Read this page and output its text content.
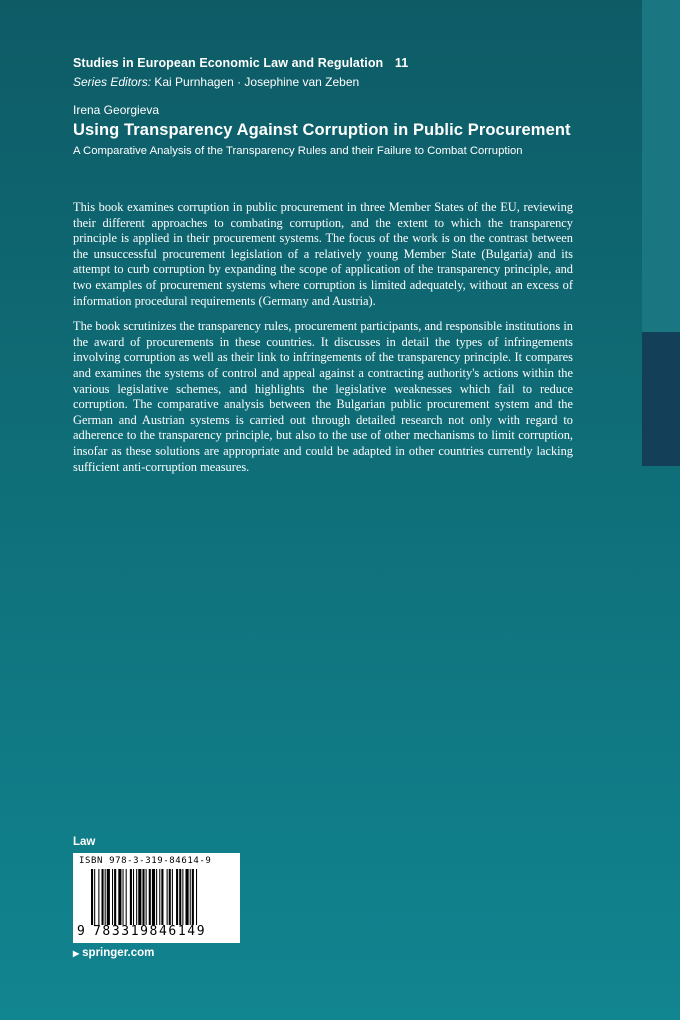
Studies in European Economic Law and Regulation 11
Series Editors: Kai Purnhagen · Josephine van Zeben
Irena Georgieva
Using Transparency Against Corruption in Public Procurement
A Comparative Analysis of the Transparency Rules and their Failure to Combat Corruption

This book examines corruption in public procurement in three Member States of the EU, reviewing their different approaches to combating corruption, and the extent to which the transparency principle is applied in their procurement systems. The focus of the work is on the contrast between the unsuccessful procurement legislation of a relatively young Member State (Bulgaria) and its attempt to curb corruption by expanding the scope of application of the transparency principle, and two examples of procurement systems where corruption is limited adequately, without an excess of information procedural requirements (Germany and Austria).

The book scrutinizes the transparency rules, procurement participants, and responsible institutions in the award of procurements in these countries. It discusses in detail the types of infringements involving corruption as well as their link to infringements of the transparency principle. It compares and examines the systems of control and appeal against a contracting authority's actions within the various legislative schemes, and highlights the legislative weaknesses which fail to reduce corruption. The comparative analysis between the Bulgarian public procurement system and the German and Austrian systems is carried out through detailed research not only with regard to adherence to the transparency principle, but also to the use of other mechanisms to limit corruption, insofar as these solutions are appropriate and could be adapted in other countries currently lacking sufficient anti-corruption measures.

Law
ISBN 978-3-319-84614-9
9 783319846149
▶ springer.com
